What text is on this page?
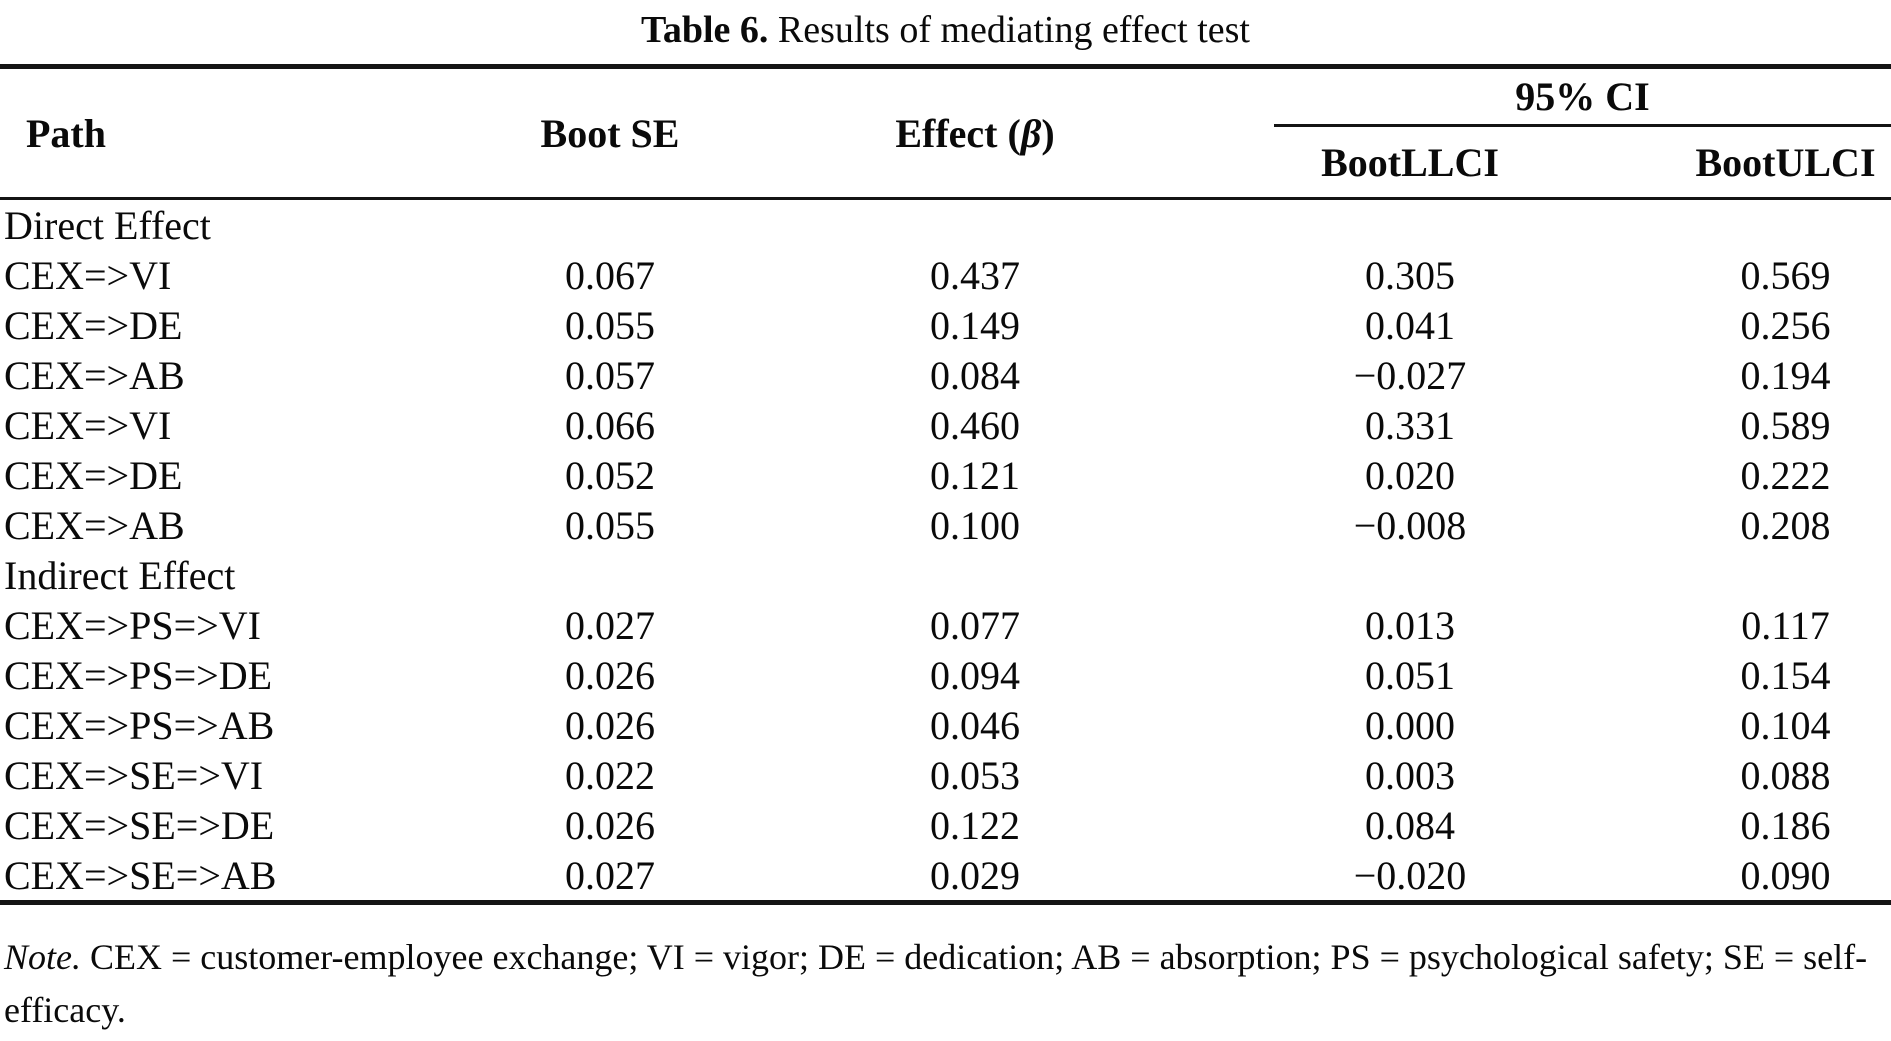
Table 6. Results of mediating effect test
Path	Boot SE	Effect (β)	95% CI	

			BootLLCI	BootULCI
Direct Effect				
CEX=>VI	0.067	0.437	0.305	0.569
CEX=>DE	0.055	0.149	0.041	0.256
CEX=>AB	0.057	0.084	−0.027	0.194
CEX=>VI	0.066	0.460	0.331	0.589
CEX=>DE	0.052	0.121	0.020	0.222
CEX=>AB	0.055	0.100	−0.008	0.208
Indirect Effect				
CEX=>PS=>VI	0.027	0.077	0.013	0.117
CEX=>PS=>DE	0.026	0.094	0.051	0.154
CEX=>PS=>AB	0.026	0.046	0.000	0.104
CEX=>SE=>VI	0.022	0.053	0.003	0.088
CEX=>SE=>DE	0.026	0.122	0.084	0.186
CEX=>SE=>AB	0.027	0.029	−0.020	0.090
Note. CEX = customer-employee exchange; VI = vigor; DE = dedication; AB = absorption; PS = psychological safety; SE = self-efficacy.
